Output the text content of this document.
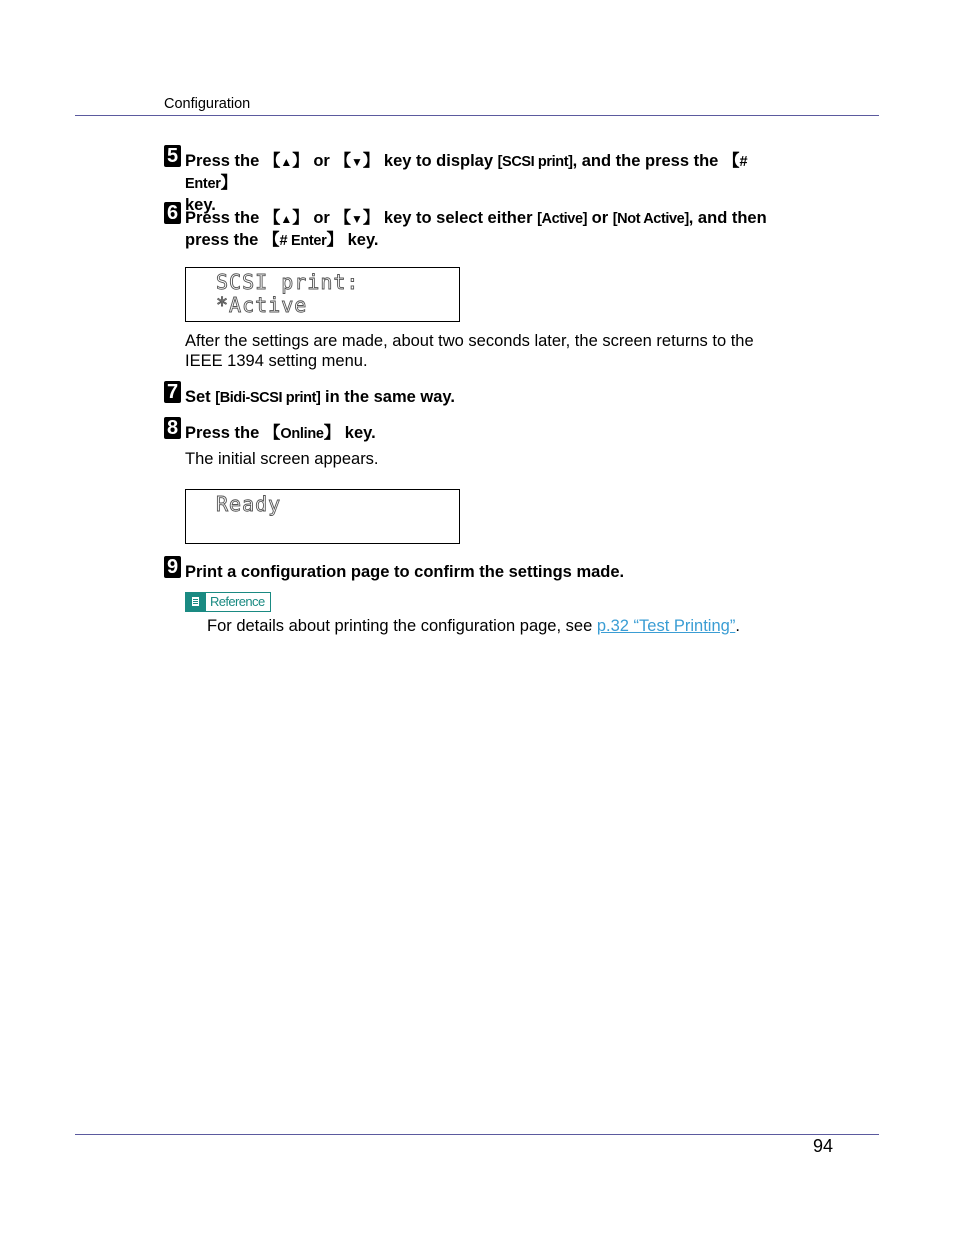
Configuration
5 Press the 【▲】 or 【▼】 key to display [SCSI print], and the press the 【# Enter】
key.
6 Press the 【▲】 or 【▼】 key to select either [Active] or [Not Active], and then
press the 【# Enter】 key.
SCSI print:
*Active
After the settings are made, about two seconds later, the screen returns to the
IEEE 1394 setting menu.
7 Set [Bidi-SCSI print] in the same way.
8 Press the 【Online】 key.
The initial screen appears.
Ready
9 Print a configuration page to confirm the settings made.
Reference
For details about printing the configuration page, see p.32 “Test Printing”.
94
